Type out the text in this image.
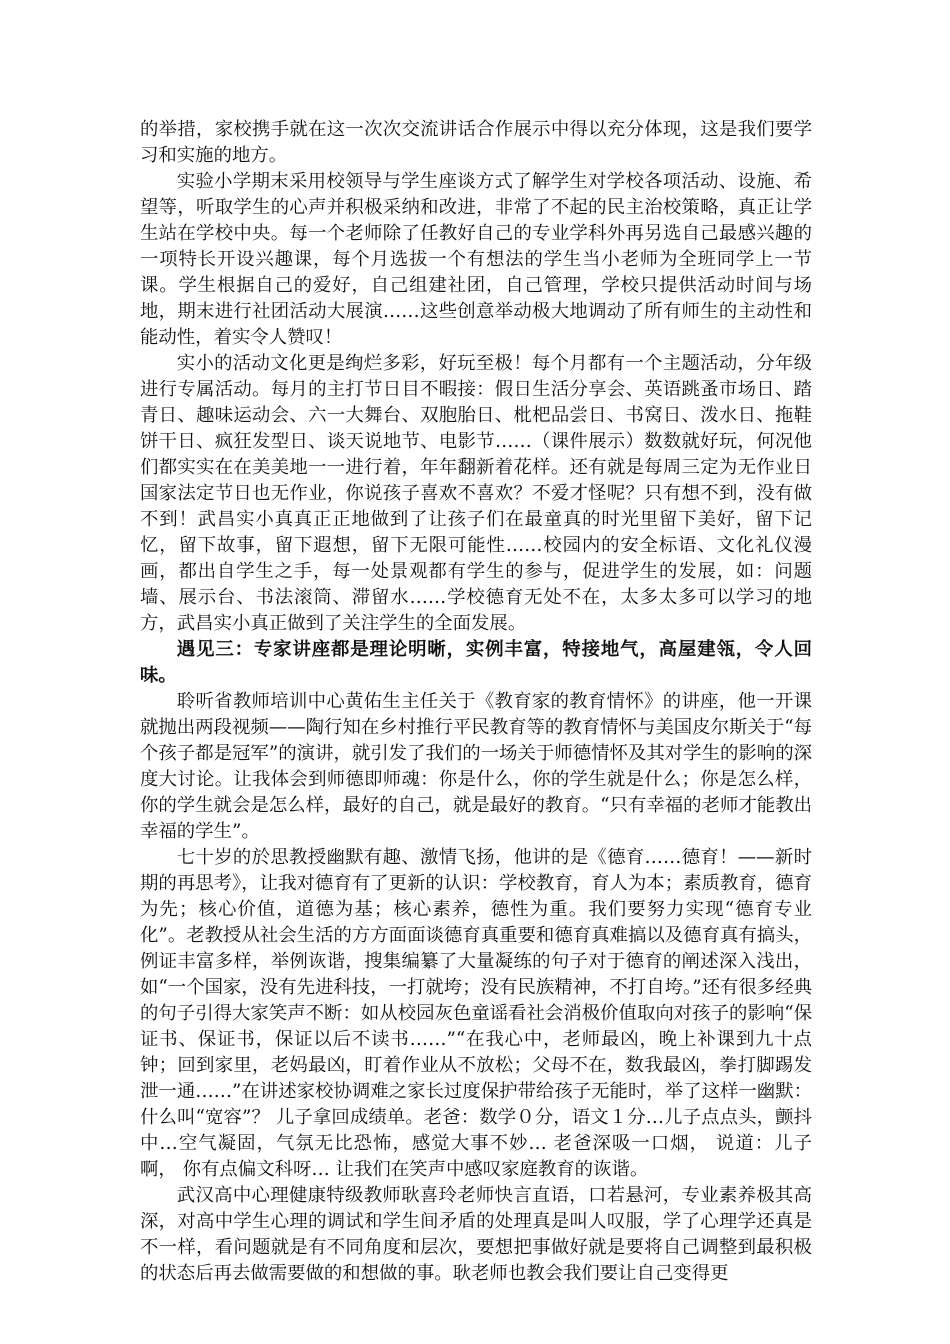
的举措，家校携手就在这一次次交流讲话合作展示中得以充分体现，这是我们要学习和实施的地方。

实验小学期末采用校领导与学生座谈方式了解学生对学校各项活动、设施、希望等，听取学生的心声并积极采纳和改进，非常了不起的民主治校策略，真正让学生站在学校中央。每一个老师除了任教好自己的专业学科外再另选自己最感兴趣的一项特长开设兴趣课，每个月选拔一个有想法的学生当小老师为全班同学上一节课。学生根据自己的爱好，自己组建社团，自己管理，学校只提供活动时间与场地，期末进行社团活动大展演……这些创意举动极大地调动了所有师生的主动性和能动性，着实令人赞叹！

实小的活动文化更是绚烂多彩，好玩至极！每个月都有一个主题活动，分年级进行专属活动。每月的主打节日目不暇接：假日生活分享会、英语跳蚤市场日、踏青日、趣味运动会、六一大舞台、双胞胎日、枇杷品尝日、书窝日、泼水日、拖鞋饼干日、疯狂发型日、谈天说地节、电影节……（课件展示）数数就好玩，何况他们都实实在在美美地一一进行着，年年翻新着花样。还有就是每周三定为无作业日国家法定节日也无作业，你说孩子喜欢不喜欢？不爱才怪呢？只有想不到，没有做不到！武昌实小真真正正地做到了让孩子们在最童真的时光里留下美好，留下记忆，留下故事，留下遐想，留下无限可能性……校园内的安全标语、文化礼仪漫画，都出自学生之手，每一处景观都有学生的参与，促进学生的发展，如：问题墙、展示台、书法滚筒、滞留水……学校德育无处不在，太多太多可以学习的地方，武昌实小真正做到了关注学生的全面发展。

遇见三：专家讲座都是理论明晰，实例丰富，特接地气，高屋建瓴，令人回味。

聆听省教师培训中心黄佑生主任关于《教育家的教育情怀》的讲座，他一开课就抛出两段视频——陶行知在乡村推行平民教育等的教育情怀与美国皮尔斯关于“每个孩子都是冠军”的演讲，就引发了我们的一场关于师德情怀及其对学生的影响的深度大讨论。让我体会到师德即师魂：你是什么，你的学生就是什么；你是怎么样，你的学生就会是怎么样，最好的自己，就是最好的教育。“只有幸福的老师才能教出幸福的学生”。

七十岁的於思教授幽默有趣、激情飞扬，他讲的是《德育……德育！——新时期的再思考》，让我对德育有了更新的认识：学校教育，育人为本；素质教育，德育为先；核心价值，道德为基；核心素养，德性为重。我们要努力实现“德育专业化”。老教授从社会生活的方方面面谈德育真重要和德育真难搞以及德育真有搞头，例证丰富多样，举例诙谐，搜集编纂了大量凝练的句子对于德育的阐述深入浅出，如“一个国家，没有先进科技，一打就垮；没有民族精神，不打自垮。”还有很多经典的句子引得大家笑声不断：如从校园灰色童谣看社会消极价值取向对孩子的影响“保证书、保证书，保证以后不读书……”“在我心中，老师最凶，晚上补课到九十点钟；回到家里，老妈最凶，盯着作业从不放松；父母不在，数我最凶，拳打脚踢发泄一通……”在讲述家校协调难之家长过度保护带给孩子无能时，举了这样一幽默：什么叫“宽容”？ 儿子拿回成绩单。老爸：数学０分，语文１分…儿子点点头，颤抖中…空气凝固，气氛无比恐怖，感觉大事不妙… 老爸深吸一口烟， 说道：儿子啊， 你有点偏文科呀… 让我们在笑声中感叹家庭教育的诙谐。

武汉高中心理健康特级教师耿喜玲老师快言直语，口若悬河，专业素养极其高深，对高中学生心理的调试和学生间矛盾的处理真是叫人叹服，学了心理学还真是不一样，看问题就是有不同角度和层次，要想把事做好就是要将自己调整到最积极的状态后再去做需要做的和想做的事。耿老师也教会我们要让自己变得更
